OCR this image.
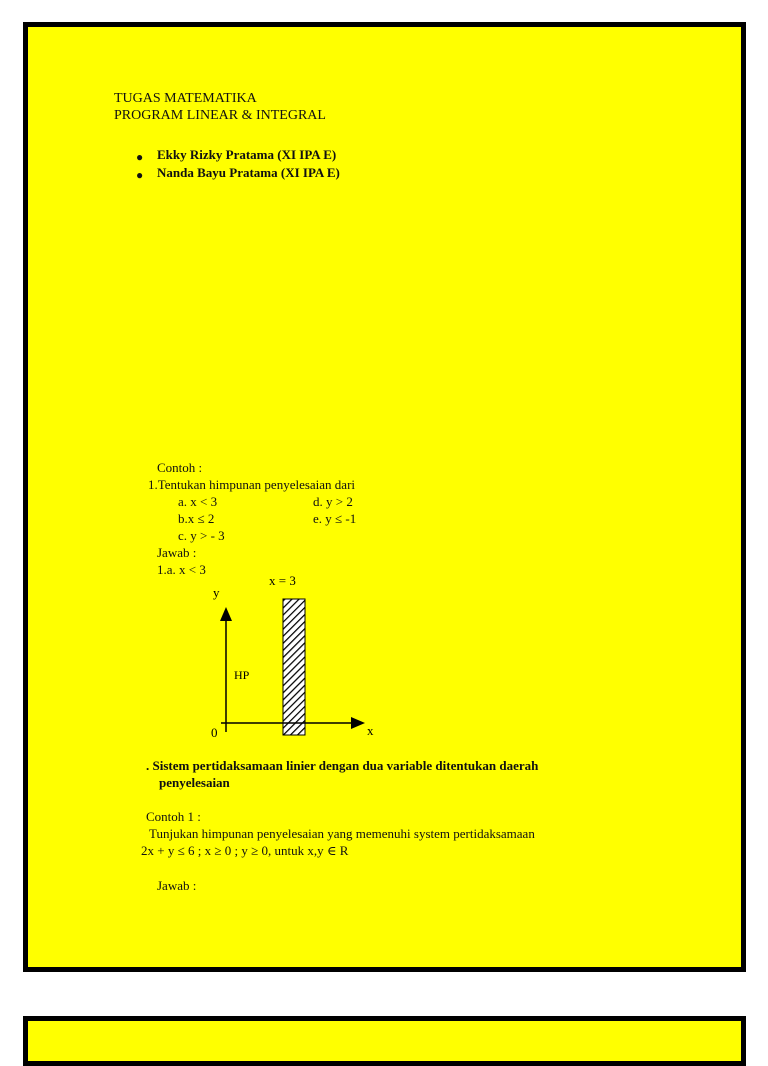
TUGAS MATEMATIKA
PROGRAM LINEAR & INTEGRAL
● Ekky Rizky Pratama (XI IPA E)
● Nanda Bayu Pratama (XI IPA E)
Contoh :
1.Tentukan himpunan penyelesaian dari
a. x < 3	d. y > 2
b.x ≤ 2	e. y ≤ -1
c. y > - 3
Jawab :
1.a. x < 3
x = 3
y
x
0
HP
. Sistem pertidaksamaan linier dengan dua variable ditentukan daerah
penyelesaian
Contoh 1 :
Tunjukan himpunan penyelesaian yang memenuhi system pertidaksamaan
2x + y ≤ 6 ; x ≥ 0 ; y ≥ 0, untuk x,y ∈ R
Jawab :
